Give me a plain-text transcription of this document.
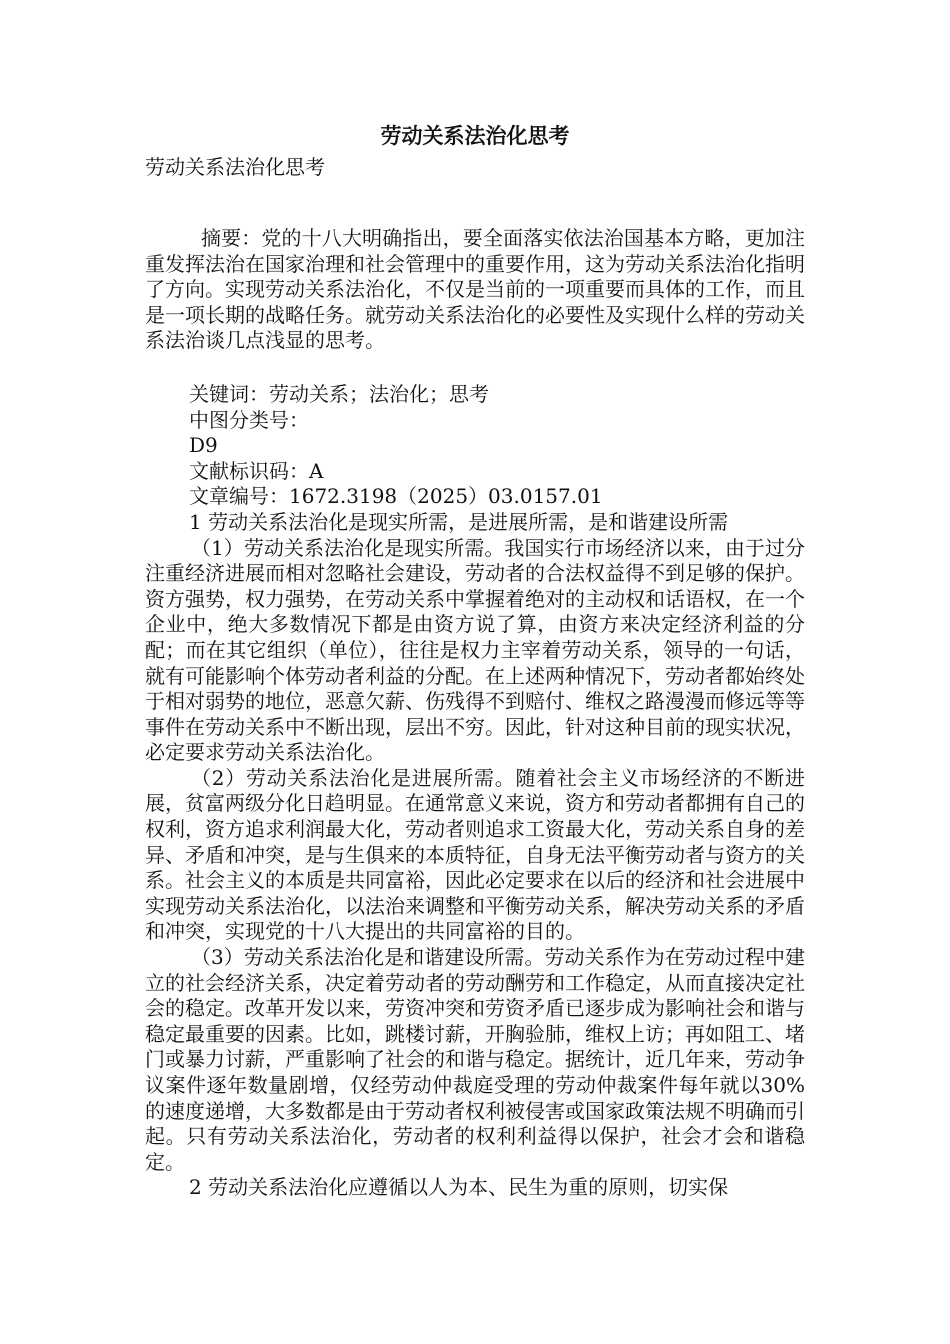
劳动关系法治化思考

劳动关系法治化思考

摘要：党的十八大明确指出，要全面落实依法治国基本方略，更加注重发挥法治在国家治理和社会管理中的重要作用，这为劳动关系法治化指明了方向。实现劳动关系法治化，不仅是当前的一项重要而具体的工作，而且是一项长期的战略任务。就劳动关系法治化的必要性及实现什么样的劳动关系法治谈几点浅显的思考。

关键词：劳动关系；法治化；思考

中图分类号：

D9

文献标识码：A

文章编号：1672.3198（2025）03.0157.01

1 劳动关系法治化是现实所需，是进展所需，是和谐建设所需

（1）劳动关系法治化是现实所需。我国实行市场经济以来，由于过分注重经济进展而相对忽略社会建设，劳动者的合法权益得不到足够的保护。资方强势，权力强势，在劳动关系中掌握着绝对的主动权和话语权，在一个企业中，绝大多数情况下都是由资方说了算，由资方来决定经济利益的分配；而在其它组织（单位），往往是权力主宰着劳动关系，领导的一句话，就有可能影响个体劳动者利益的分配。在上述两种情况下，劳动者都始终处于相对弱势的地位，恶意欠薪、伤残得不到赔付、维权之路漫漫而修远等等事件在劳动关系中不断出现，层出不穷。因此，针对这种目前的现实状况，必定要求劳动关系法治化。

（2）劳动关系法治化是进展所需。随着社会主义市场经济的不断进展，贫富两级分化日趋明显。在通常意义来说，资方和劳动者都拥有自己的权利，资方追求利润最大化，劳动者则追求工资最大化，劳动关系自身的差异、矛盾和冲突，是与生俱来的本质特征，自身无法平衡劳动者与资方的关系。社会主义的本质是共同富裕，因此必定要求在以后的经济和社会进展中实现劳动关系法治化，以法治来调整和平衡劳动关系，解决劳动关系的矛盾和冲突，实现党的十八大提出的共同富裕的目的。

（3）劳动关系法治化是和谐建设所需。劳动关系作为在劳动过程中建立的社会经济关系，决定着劳动者的劳动酬劳和工作稳定，从而直接决定社会的稳定。改革开发以来，劳资冲突和劳资矛盾已逐步成为影响社会和谐与稳定最重要的因素。比如，跳楼讨薪，开胸验肺，维权上访；再如阻工、堵门或暴力讨薪，严重影响了社会的和谐与稳定。据统计，近几年来，劳动争议案件逐年数量剧增，仅经劳动仲裁庭受理的劳动仲裁案件每年就以30%的速度递增，大多数都是由于劳动者权利被侵害或国家政策法规不明确而引起。只有劳动关系法治化，劳动者的权利利益得以保护，社会才会和谐稳定。

2 劳动关系法治化应遵循以人为本、民生为重的原则，切实保
